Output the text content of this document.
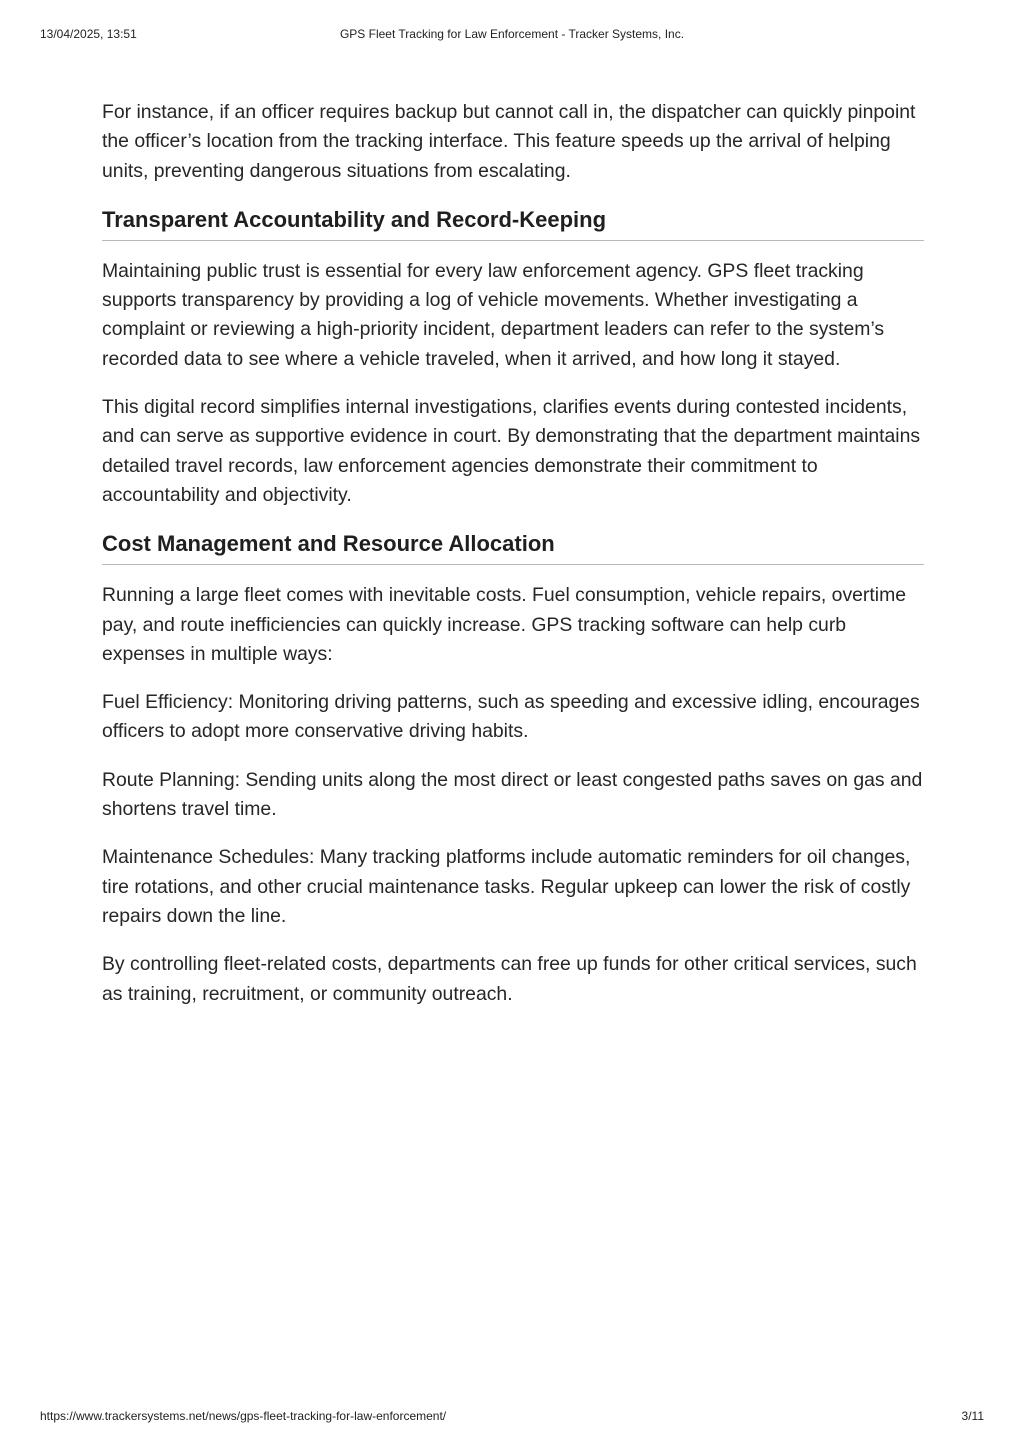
13/04/2025, 13:51	GPS Fleet Tracking for Law Enforcement - Tracker Systems, Inc.

For instance, if an officer requires backup but cannot call in, the dispatcher can quickly pinpoint the officer’s location from the tracking interface. This feature speeds up the arrival of helping units, preventing dangerous situations from escalating.

Transparent Accountability and Record-Keeping

Maintaining public trust is essential for every law enforcement agency. GPS fleet tracking supports transparency by providing a log of vehicle movements. Whether investigating a complaint or reviewing a high-priority incident, department leaders can refer to the system’s recorded data to see where a vehicle traveled, when it arrived, and how long it stayed.

This digital record simplifies internal investigations, clarifies events during contested incidents, and can serve as supportive evidence in court. By demonstrating that the department maintains detailed travel records, law enforcement agencies demonstrate their commitment to accountability and objectivity.

Cost Management and Resource Allocation

Running a large fleet comes with inevitable costs. Fuel consumption, vehicle repairs, overtime pay, and route inefficiencies can quickly increase. GPS tracking software can help curb expenses in multiple ways:

Fuel Efficiency: Monitoring driving patterns, such as speeding and excessive idling, encourages officers to adopt more conservative driving habits.

Route Planning: Sending units along the most direct or least congested paths saves on gas and shortens travel time.

Maintenance Schedules: Many tracking platforms include automatic reminders for oil changes, tire rotations, and other crucial maintenance tasks. Regular upkeep can lower the risk of costly repairs down the line.

By controlling fleet-related costs, departments can free up funds for other critical services, such as training, recruitment, or community outreach.

https://www.trackersystems.net/news/gps-fleet-tracking-for-law-enforcement/	3/11
